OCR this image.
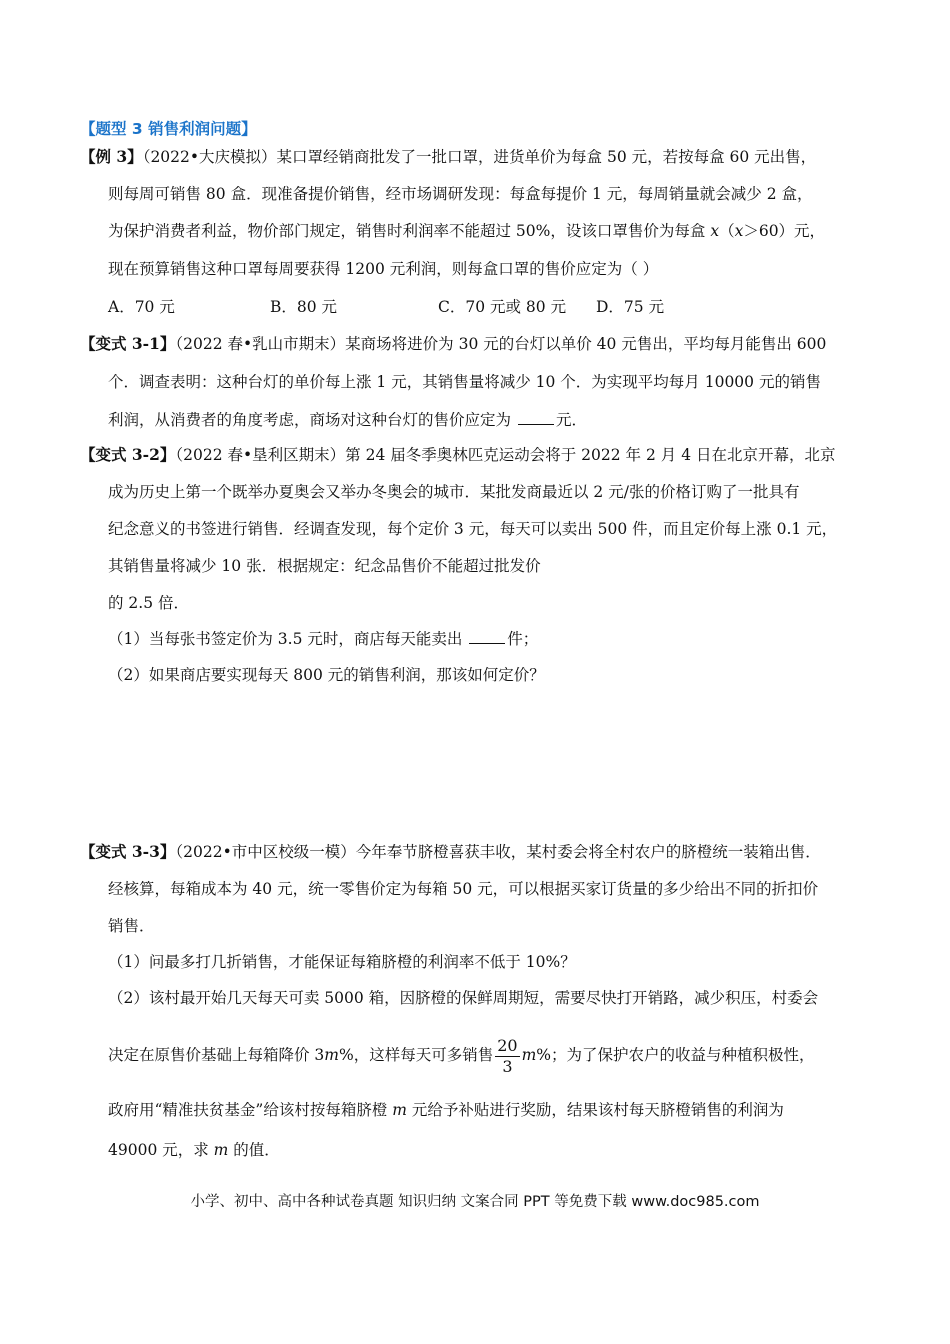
【题型 3 销售利润问题】
【例 3】（2022•大庆模拟）某口罩经销商批发了一批口罩，进货单价为每盒 50 元，若按每盒 60 元出售，
则每周可销售 80 盒．现准备提价销售，经市场调研发现：每盒每提价 1 元，每周销量就会减少 2 盒，
为保护消费者利益，物价部门规定，销售时利润率不能超过 50%，设该口罩售价为每盒 x（x＞60）元，
现在预算销售这种口罩每周要获得 1200 元利润，则每盒口罩的售价应定为（ ）
A．70 元	B．80 元	C．70 元或 80 元 D．75 元
【变式 3-1】（2022 春•乳山市期末）某商场将进价为 30 元的台灯以单价 40 元售出，平均每月能售出 600
个．调查表明：这种台灯的单价每上涨 1 元，其销售量将减少 10 个．为实现平均每月 10000 元的销售
利润，从消费者的角度考虑，商场对这种台灯的售价应定为	元．
【变式 3-2】（2022 春•垦利区期末）第 24 届冬季奥林匹克运动会将于 2022 年 2 月 4 日在北京开幕，北京
成为历史上第一个既举办夏奥会又举办冬奥会的城市．某批发商最近以 2 元/张的价格订购了一批具有
纪念意义的书签进行销售．经调查发现，每个定价 3 元，每天可以卖出 500 件，而且定价每上涨 0.1 元，
其销售量将减少 10 张．根据规定：纪念品售价不能超过批发价
的 2.5 倍．
（1）当每张书签定价为 3.5 元时，商店每天能卖出	件；
（2）如果商店要实现每天 800 元的销售利润，那该如何定价？
【变式 3-3】（2022•市中区校级一模）今年奉节脐橙喜获丰收，某村委会将全村农户的脐橙统一装箱出售．
经核算，每箱成本为 40 元，统一零售价定为每箱 50 元，可以根据买家订货量的多少给出不同的折扣价
销售．
（1）问最多打几折销售，才能保证每箱脐橙的利润率不低于 10%？
（2）该村最开始几天每天可卖 5000 箱，因脐橙的保鲜周期短，需要尽快打开销路，减少积压，村委会
决定在原售价基础上每箱降价 3m%，这样每天可多销售 $\frac{20}{3} m\%$；为了保护农户的收益与种植积极性，
政府用“精准扶贫基金”给该村按每箱脐橙 m 元给予补贴进行奖励，结果该村每天脐橙销售的利润为
49000 元，求 m 的值．
小学、初中、高中各种试卷真题 知识归纳 文案合同 PPT 等免费下载 www.doc985.com
